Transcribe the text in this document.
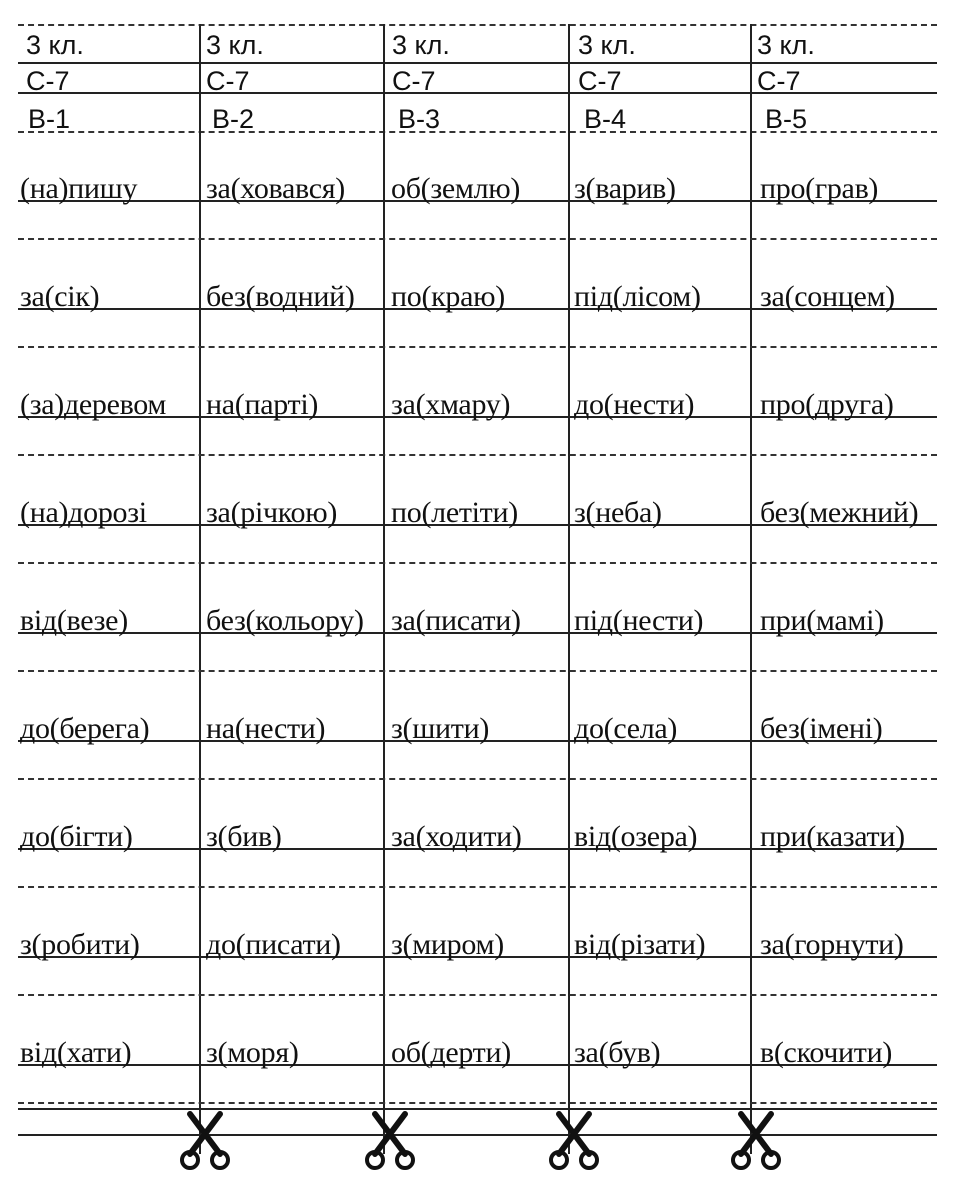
3 кл.
С-7
В-1
3 кл.
С-7
В-2
3 кл.
С-7
В-3
3 кл.
С-7
В-4
3 кл.
С-7
В-5
(на)пишу
за(сік)
(за)деревом
(на)дорозі
від(везе)
до(берега)
до(бігти)
з(робити)
від(хати)
за(ховався)
без(водний)
на(парті)
за(річкою)
без(кольору)
на(нести)
з(бив)
до(писати)
з(моря)
об(землю)
по(краю)
за(хмару)
по(летіти)
за(писати)
з(шити)
за(ходити)
з(миром)
об(дерти)
з(варив)
під(лісом)
до(нести)
з(неба)
під(нести)
до(села)
від(озера)
від(різати)
за(був)
про(грав)
за(сонцем)
про(друга)
без(межний)
при(мамі)
без(імені)
при(казати)
за(горнути)
в(скочити)
